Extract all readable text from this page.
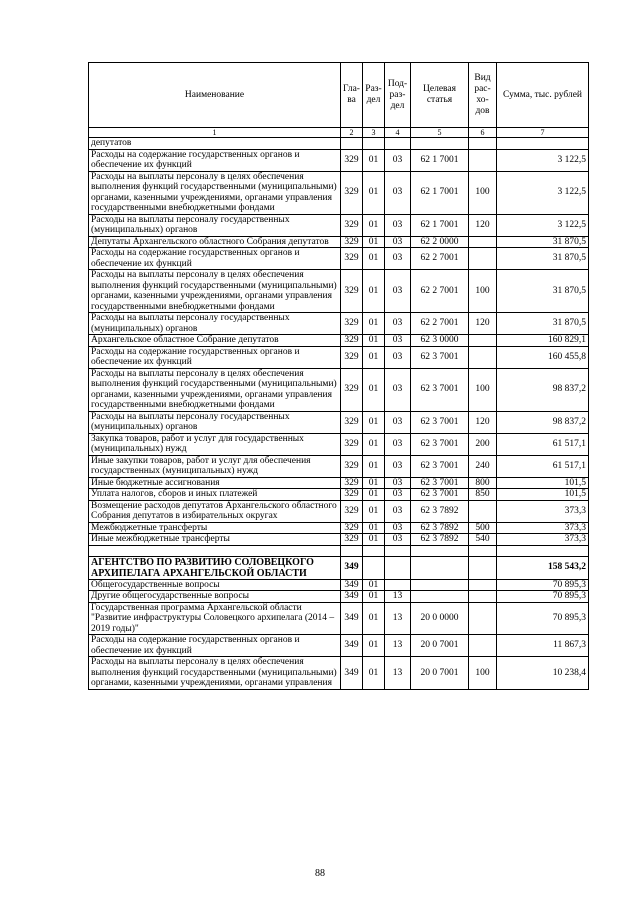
Наименование	Гла-ва	Раз-дел	Под-раз-дел	Целевая статья	Вид рас-хо-дов	Сумма, тыс. рублей
1	2	3	4	5	6	7
депутатов						
Расходы на содержание государственных органов и обеспечение их функций	329	01	03	62 1 7001		3 122,5
Расходы на выплаты персоналу в целях обеспечения выполнения функций государственными (муниципальными) органами, казенными учреждениями, органами управления государственными внебюджетными фондами	329	01	03	62 1 7001	100	3 122,5
Расходы на выплаты персоналу государственных (муниципальных) органов	329	01	03	62 1 7001	120	3 122,5
Депутаты Архангельского областного Собрания депутатов	329	01	03	62 2 0000		31 870,5
Расходы на содержание государственных органов и обеспечение их функций	329	01	03	62 2 7001		31 870,5
Расходы на выплаты персоналу в целях обеспечения выполнения функций государственными (муниципальными) органами, казенными учреждениями, органами управления государственными внебюджетными фондами	329	01	03	62 2 7001	100	31 870,5
Расходы на выплаты персоналу государственных (муниципальных) органов	329	01	03	62 2 7001	120	31 870,5
Архангельское областное Собрание депутатов	329	01	03	62 3 0000		160 829,1
Расходы на содержание государственных органов и обеспечение их функций	329	01	03	62 3 7001		160 455,8
Расходы на выплаты персоналу в целях обеспечения выполнения функций государственными (муниципальными) органами, казенными учреждениями, органами управления государственными внебюджетными фондами	329	01	03	62 3 7001	100	98 837,2
Расходы на выплаты персоналу государственных (муниципальных) органов	329	01	03	62 3 7001	120	98 837,2
Закупка товаров, работ и услуг для государственных (муниципальных) нужд	329	01	03	62 3 7001	200	61 517,1
Иные закупки товаров, работ и услуг для обеспечения государственных (муниципальных) нужд	329	01	03	62 3 7001	240	61 517,1
Иные бюджетные ассигнования	329	01	03	62 3 7001	800	101,5
Уплата налогов, сборов и иных платежей	329	01	03	62 3 7001	850	101,5
Возмещение расходов депутатов Архангельского областного Собрания депутатов в избирательных округах	329	01	03	62 3 7892		373,3
Межбюджетные трансферты	329	01	03	62 3 7892	500	373,3
Иные межбюджетные трансферты	329	01	03	62 3 7892	540	373,3

АГЕНТСТВО ПО РАЗВИТИЮ СОЛОВЕЦКОГО АРХИПЕЛАГА АРХАНГЕЛЬСКОЙ ОБЛАСТИ	349					158 543,2
Общегосударственные вопросы	349	01				70 895,3
Другие общегосударственные вопросы	349	01	13			70 895,3
Государственная программа Архангельской области "Развитие инфраструктуры Соловецкого архипелага (2014 – 2019 годы)"	349	01	13	20 0 0000		70 895,3
Расходы на содержание государственных органов и обеспечение их функций	349	01	13	20 0 7001		11 867,3
Расходы на выплаты персоналу в целях обеспечения выполнения функций государственными (муниципальными) органами, казенными учреждениями, органами управления	349	01	13	20 0 7001	100	10 238,4
88
